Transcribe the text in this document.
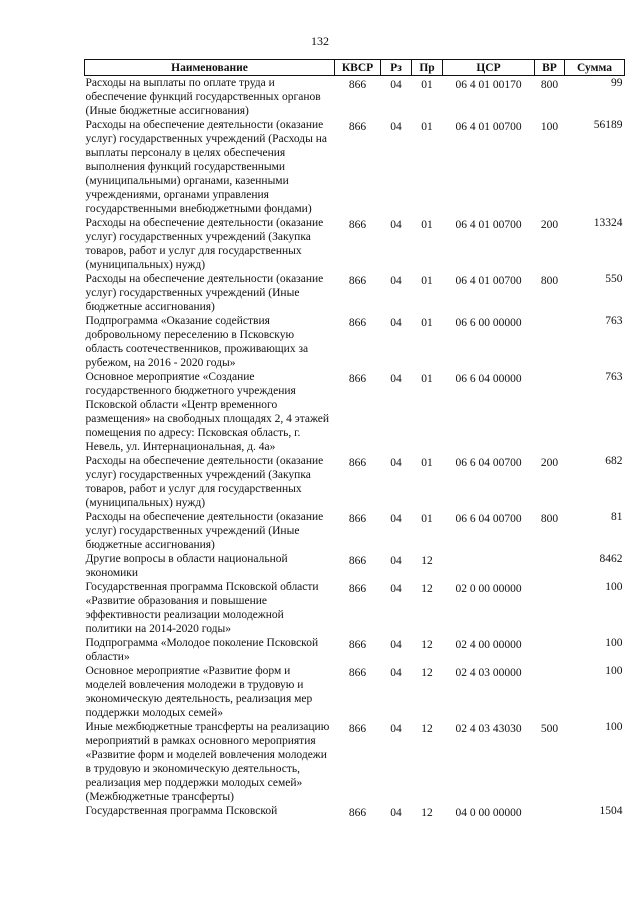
132
Наименование	КВСР	Рз	Пр	ЦСР	ВР	Сумма
Расходы на выплаты по оплате труда и обеспечение функций государственных органов (Иные бюджетные ассигнования)	866	04	01	06 4 01 00170	800	99
Расходы на обеспечение деятельности (оказание услуг) государственных учреждений (Расходы на выплаты персоналу в целях обеспечения выполнения функций государственными (муниципальными) органами, казенными учреждениями, органами управления государственными внебюджетными фондами)	866	04	01	06 4 01 00700	100	56189
Расходы на обеспечение деятельности (оказание услуг) государственных учреждений (Закупка товаров, работ и услуг для государственных (муниципальных) нужд)	866	04	01	06 4 01 00700	200	13324
Расходы на обеспечение деятельности (оказание услуг) государственных учреждений (Иные бюджетные ассигнования)	866	04	01	06 4 01 00700	800	550
Подпрограмма «Оказание содействия добровольному переселению в Псковскую область соотечественников, проживающих за рубежом, на 2016 - 2020 годы»	866	04	01	06 6 00 00000		763
Основное мероприятие «Создание государственного бюджетного учреждения Псковской области «Центр временного размещения» на свободных площадях 2, 4 этажей помещения по адресу: Псковская область, г. Невель, ул. Интернациональная, д. 4а»	866	04	01	06 6 04 00000		763
Расходы на обеспечение деятельности (оказание услуг) государственных учреждений (Закупка товаров, работ и услуг для государственных (муниципальных) нужд)	866	04	01	06 6 04 00700	200	682
Расходы на обеспечение деятельности (оказание услуг) государственных учреждений (Иные бюджетные ассигнования)	866	04	01	06 6 04 00700	800	81
Другие вопросы в области национальной экономики	866	04	12			8462
Государственная программа Псковской области «Развитие образования и повышение эффективности реализации молодежной политики на 2014-2020 годы»	866	04	12	02 0 00 00000		100
Подпрограмма «Молодое поколение Псковской области»	866	04	12	02 4 00 00000		100
Основное мероприятие «Развитие форм и моделей вовлечения молодежи в трудовую и экономическую деятельность, реализация мер поддержки молодых семей»	866	04	12	02 4 03 00000		100
Иные межбюджетные трансферты на реализацию мероприятий в рамках основного мероприятия «Развитие форм и моделей вовлечения молодежи в трудовую и экономическую деятельность, реализация мер поддержки молодых семей» (Межбюджетные трансферты)	866	04	12	02 4 03 43030	500	100
Государственная программа Псковской	866	04	12	04 0 00 00000		1504
